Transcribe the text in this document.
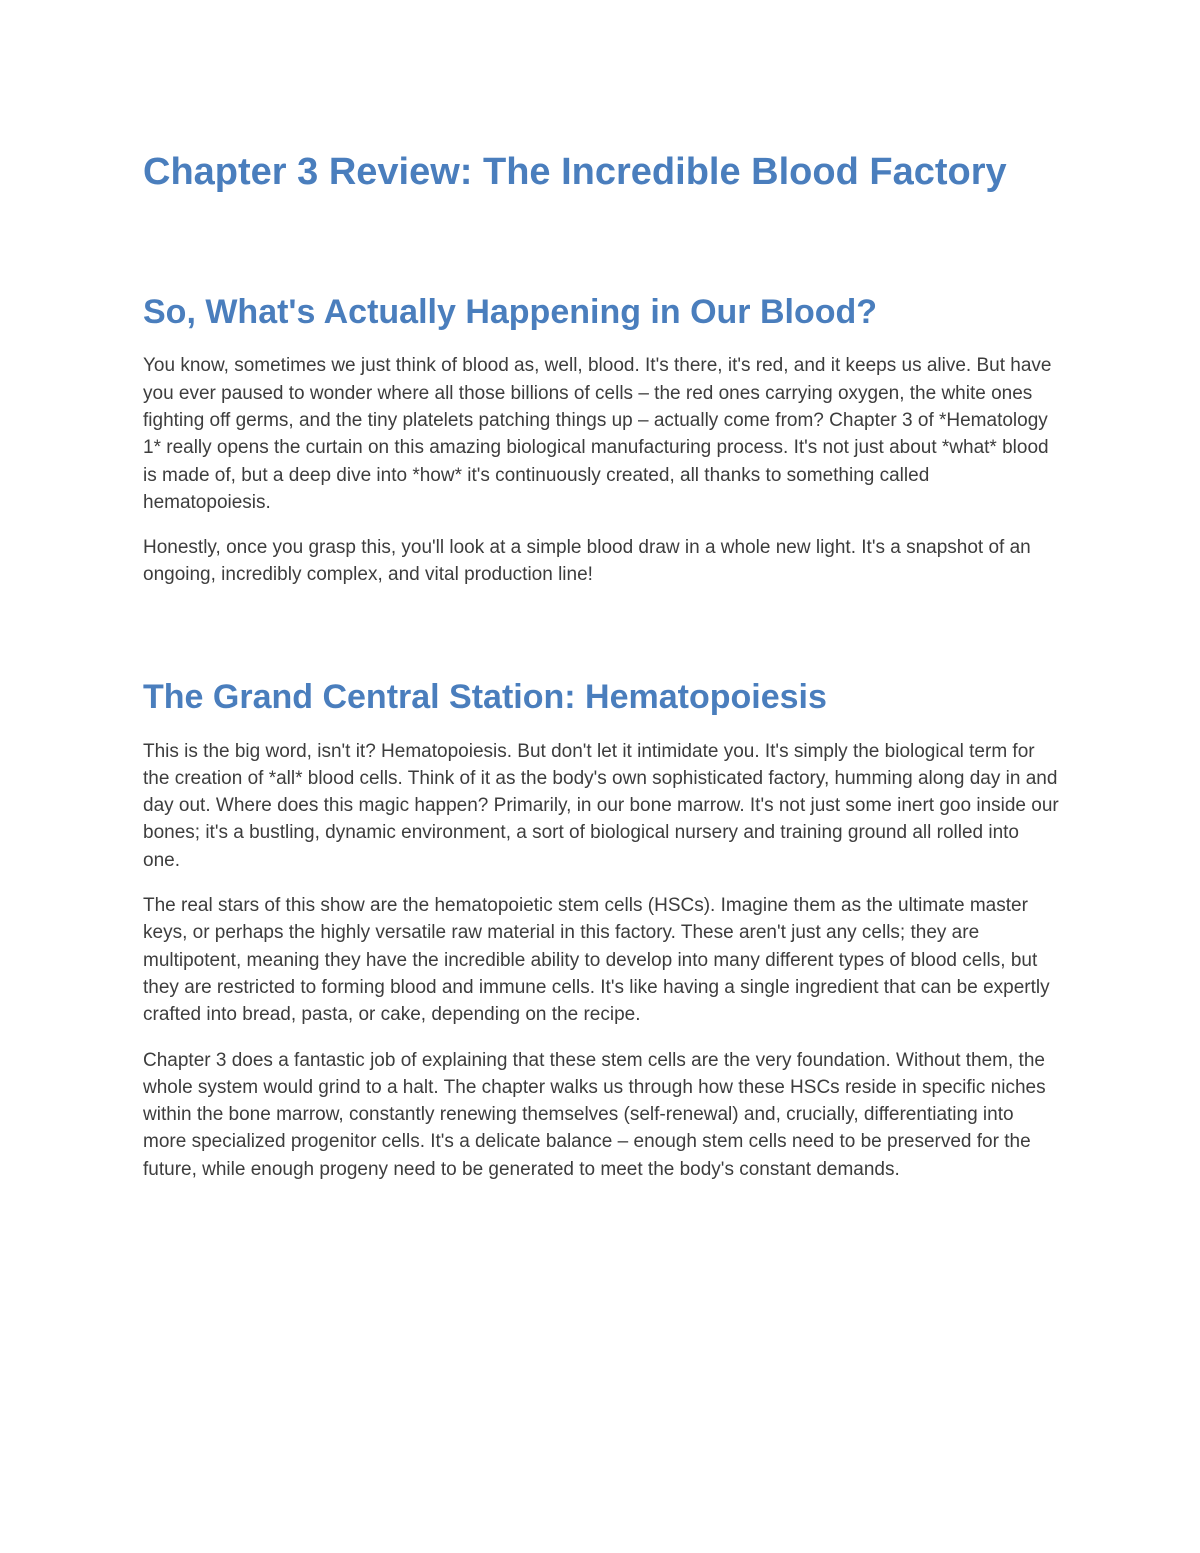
Chapter 3 Review: The Incredible Blood Factory
So, What's Actually Happening in Our Blood?

You know, sometimes we just think of blood as, well, blood. It's there, it's red, and it keeps us alive. But have you ever paused to wonder where all those billions of cells – the red ones carrying oxygen, the white ones fighting off germs, and the tiny platelets patching things up – actually come from? Chapter 3 of *Hematology 1* really opens the curtain on this amazing biological manufacturing process. It's not just about *what* blood is made of, but a deep dive into *how* it's continuously created, all thanks to something called hematopoiesis.

Honestly, once you grasp this, you'll look at a simple blood draw in a whole new light. It's a snapshot of an ongoing, incredibly complex, and vital production line!

The Grand Central Station: Hematopoiesis

This is the big word, isn't it? Hematopoiesis. But don't let it intimidate you. It's simply the biological term for the creation of *all* blood cells. Think of it as the body's own sophisticated factory, humming along day in and day out. Where does this magic happen? Primarily, in our bone marrow. It's not just some inert goo inside our bones; it's a bustling, dynamic environment, a sort of biological nursery and training ground all rolled into one.

The real stars of this show are the hematopoietic stem cells (HSCs). Imagine them as the ultimate master keys, or perhaps the highly versatile raw material in this factory. These aren't just any cells; they are multipotent, meaning they have the incredible ability to develop into many different types of blood cells, but they are restricted to forming blood and immune cells. It's like having a single ingredient that can be expertly crafted into bread, pasta, or cake, depending on the recipe.

Chapter 3 does a fantastic job of explaining that these stem cells are the very foundation. Without them, the whole system would grind to a halt. The chapter walks us through how these HSCs reside in specific niches within the bone marrow, constantly renewing themselves (self-renewal) and, crucially, differentiating into more specialized progenitor cells. It's a delicate balance – enough stem cells need to be preserved for the future, while enough progeny need to be generated to meet the body's constant demands.
